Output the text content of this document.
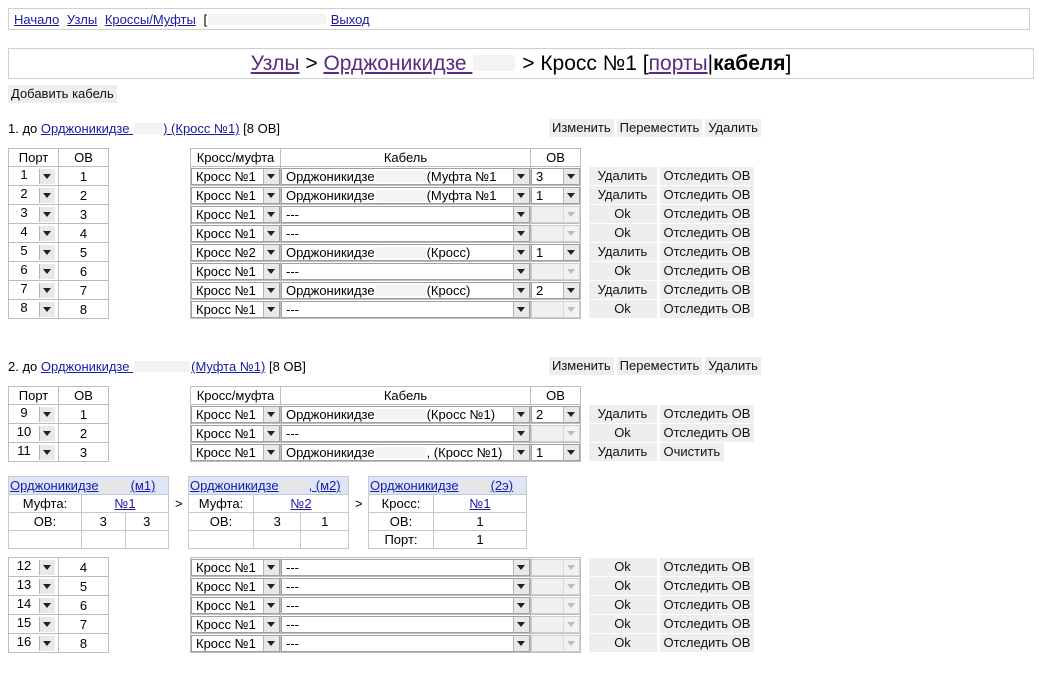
Начало Узлы Кроссы/Муфты [	Выход
Узлы > Орджоникидзе  > Кросс №1 [порты|кабеля]
Добавить кабель
1. до Орджоникидзе	) (Кросс №1) [8 ОВ]	Изменить Переместить Удалить
Порт	ОВ		Кросс/муфта	Кабель	ОВ			
1	1		Кросс №1	Орджоникидзе (Муфта №1	3		Удалить	Отследить ОВ
2	2		Кросс №1	Орджоникидзе (Муфта №1	1		Удалить	Отследить ОВ
3	3		Кросс №1	---			Ok	Отследить ОВ
4	4		Кросс №1	---			Ok	Отследить ОВ
5	5		Кросс №2	Орджоникидзе (Кросс)	1		Удалить	Отследить ОВ
6	6		Кросс №1	---			Ok	Отследить ОВ
7	7		Кросс №1	Орджоникидзе (Кросс)	2		Удалить	Отследить ОВ
8	8		Кросс №1	---			Ok	Отследить ОВ
2. до Орджоникидзе	(Муфта №1) [8 ОВ]	Изменить Переместить Удалить
Порт	ОВ		Кросс/муфта	Кабель	ОВ			
9	1		Кросс №1	Орджоникидзе (Кросс №1)	2		Удалить	Отследить ОВ
10	2		Кросс №1	---			Ok	Отследить ОВ
11	3		Кросс №1	Орджоникидзе , (Кросс №1)	1		Удалить	Очистить
Орджоникидзе (м1)		
Муфта:	№1	
ОВ:	3	3

>
Орджоникидзе , (м2)		
Муфта:	№2	
ОВ:	3	1

>
Орджоникидзе (2э)	
Кросс:	№1
ОВ:	1
Порт:	1
12	4		Кросс №1	---			Ok	Отследить ОВ
13	5		Кросс №1	---			Ok	Отследить ОВ
14	6		Кросс №1	---			Ok	Отследить ОВ
15	7		Кросс №1	---			Ok	Отследить ОВ
16	8		Кросс №1	---			Ok	Отследить ОВ
